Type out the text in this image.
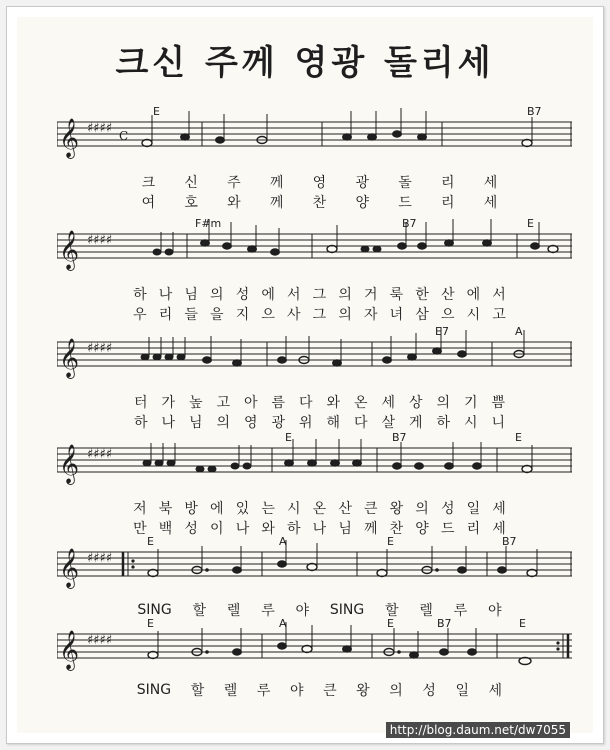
크신 주께 영광 돌리세
E	B7
𝄞 ♯♯♯♯ C
크 신 주 께 영 광 돌 리 세
여 호 와 께 찬 양 드 리 세
F#m	B7	E
𝄞 ♯♯♯♯
하 나 님 의 성 에 서 그 의 거 룩 한 산 에 서
우 리 들 을 지 으 사 그 의 자 녀 삼 으 시 고
E7	A
𝄞 ♯♯♯♯
터 가 높 고 아 름 다 와 온 세 상 의 기 쁨
하 나 님 의 영 광 위 해 다 살 게 하 시 니
E	B7	E
𝄞 ♯♯♯♯
저 북 방 에 있 는 시 온 산 큰 왕 의 성 일 세
만 백 성 이 나 와 하 나 님 께 찬 양 드 리 세
E	A	E	B7
𝄞 ♯♯♯♯
SING 할 렐 루 야 SING 할 렐 루 야
E	A	E	B7	E
𝄞 ♯♯♯♯
SING 할 렐 루 야 큰 왕 의 성 일 세
http://blog.daum.net/dw7055
